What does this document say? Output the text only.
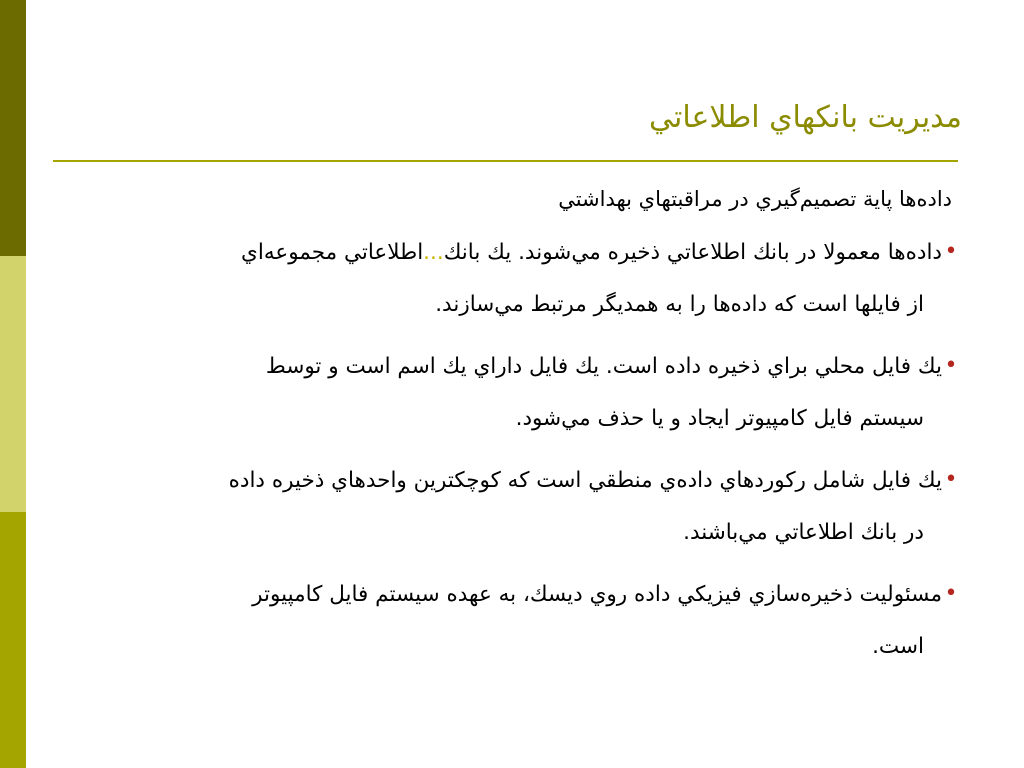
مديريت بانكهاي اطلاعاتي

داده‌ها پاية تصميم‌گيري در مراقبتهاي بهداشتي

•
داده‌ها معمولا در بانك اطلاعاتي ذخيره مي‌شوند. يك بانك...اطلاعاتي مجموعه‌اي
از فايلها است كه داده‌ها را به همديگر مرتبط مي‌سازند.
•
يك فايل محلي براي ذخيره داده است. يك فايل داراي يك اسم است و توسط
سيستم فايل كامپيوتر ايجاد و يا حذف مي‌شود.
•
يك فايل شامل ركوردهاي داده‌ي منطقي است كه كوچكترين واحدهاي ذخيره داده
در بانك اطلاعاتي مي‌باشند.
•
مسئوليت ذخيره‌سازي فيزيكي داده روي ديسك، به عهده سيستم فايل كامپيوتر
است.
